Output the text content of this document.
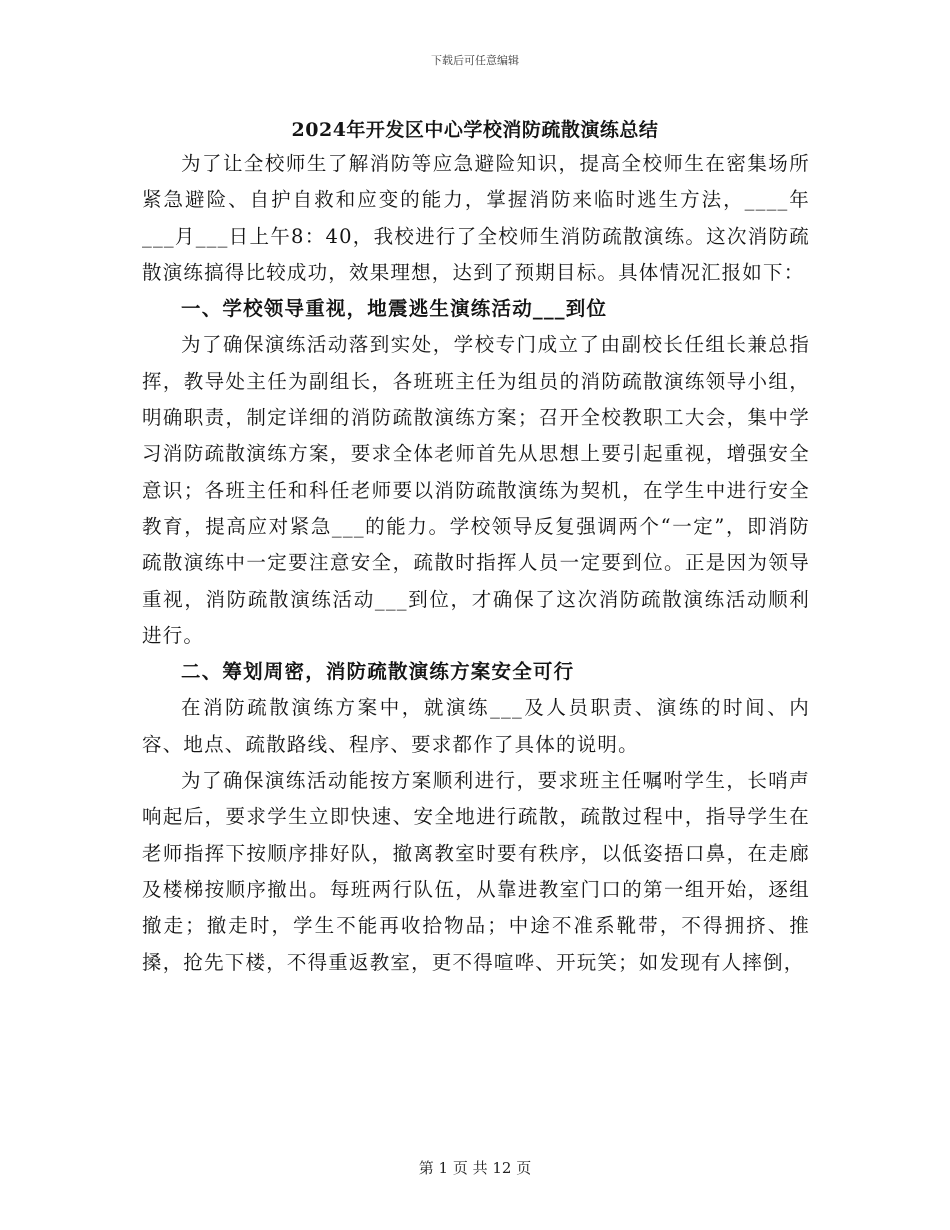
下载后可任意编辑
2024年开发区中心学校消防疏散演练总结

为了让全校师生了解消防等应急避险知识，提高全校师生在密集场所紧急避险、自护自救和应变的能力，掌握消防来临时逃生方法，____年___月___日上午8：40，我校进行了全校师生消防疏散演练。这次消防疏散演练搞得比较成功，效果理想，达到了预期目标。具体情况汇报如下：

一、学校领导重视，地震逃生演练活动___到位

为了确保演练活动落到实处，学校专门成立了由副校长任组长兼总指挥，教导处主任为副组长，各班班主任为组员的消防疏散演练领导小组，明确职责，制定详细的消防疏散演练方案；召开全校教职工大会，集中学习消防疏散演练方案，要求全体老师首先从思想上要引起重视，增强安全意识；各班主任和科任老师要以消防疏散演练为契机，在学生中进行安全教育，提高应对紧急___的能力。学校领导反复强调两个“一定”，即消防疏散演练中一定要注意安全，疏散时指挥人员一定要到位。正是因为领导重视，消防疏散演练活动___到位，才确保了这次消防疏散演练活动顺利进行。

二、筹划周密，消防疏散演练方案安全可行

在消防疏散演练方案中，就演练___及人员职责、演练的时间、内容、地点、疏散路线、程序、要求都作了具体的说明。

为了确保演练活动能按方案顺利进行，要求班主任嘱咐学生，长哨声响起后，要求学生立即快速、安全地进行疏散，疏散过程中，指导学生在老师指挥下按顺序排好队，撤离教室时要有秩序，以低姿捂口鼻，在走廊及楼梯按顺序撤出。每班两行队伍，从靠进教室门口的第一组开始，逐组撤走；撤走时，学生不能再收拾物品；中途不准系靴带，不得拥挤、推搡，抢先下楼，不得重返教室，更不得喧哗、开玩笑；如发现有人摔倒，

第 1 页 共 12 页
